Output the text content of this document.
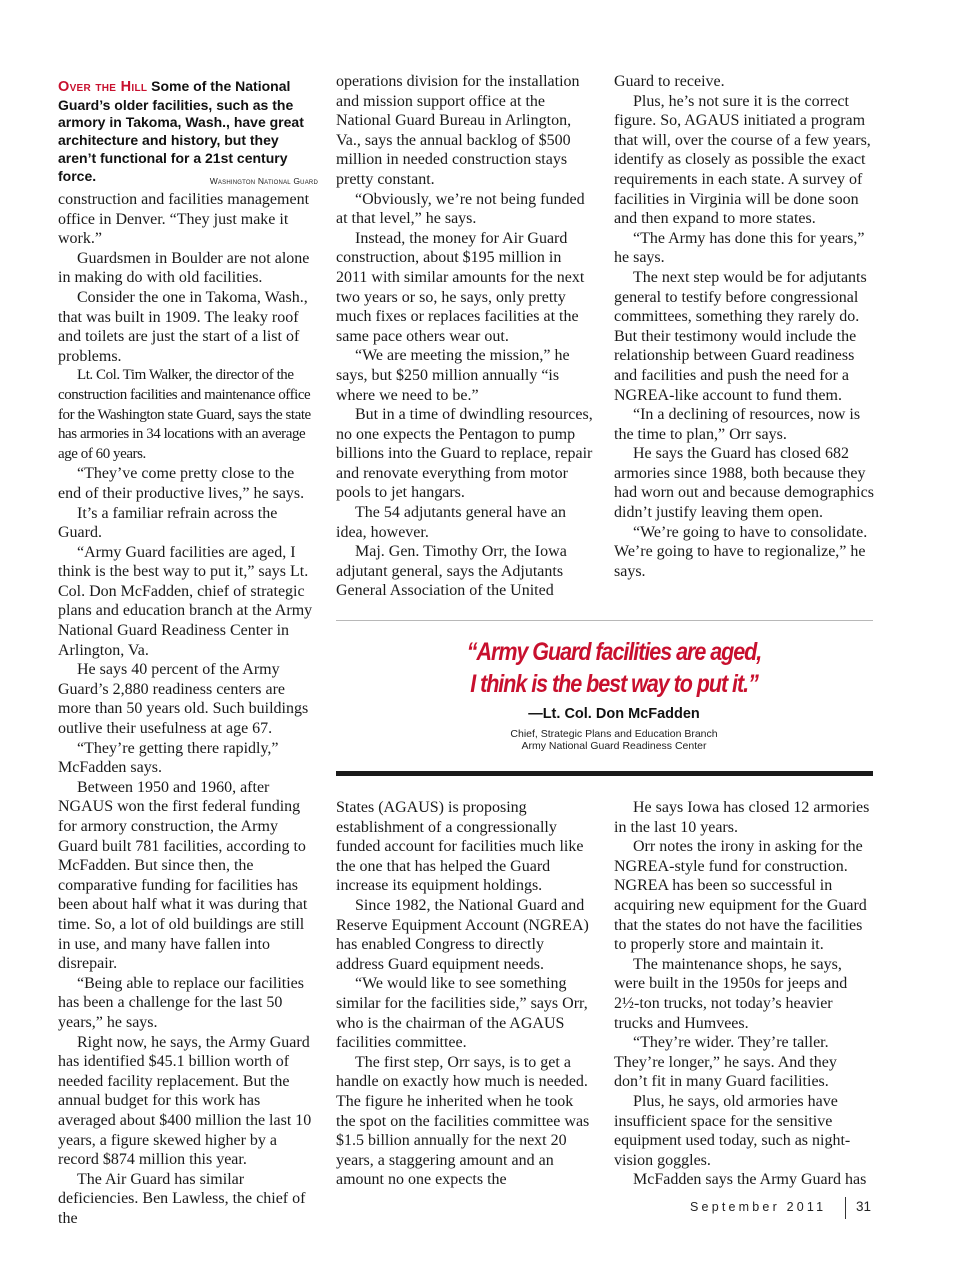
Over the Hill Some of the National Guard’s older facilities, such as the armory in Takoma, Wash., have great architecture and history, but they aren’t functional for a 21st century force.	Washington National Guard

construction and facilities management office in Denver. “They just make it work.”

Guardsmen in Boulder are not alone in making do with old facilities.

Consider the one in Takoma, Wash., that was built in 1909. The leaky roof and toilets are just the start of a list of problems.

Lt. Col. Tim Walker, the director of the construction facilities and maintenance office for the Washington state Guard, says the state has armories in 34 locations with an average age of 60 years.

“They’ve come pretty close to the end of their productive lives,” he says.

It’s a familiar refrain across the Guard.

“Army Guard facilities are aged, I think is the best way to put it,” says Lt. Col. Don McFadden, chief of strategic plans and education branch at the Army National Guard Readiness Center in Arlington, Va.

He says 40 percent of the Army Guard’s 2,880 readiness centers are more than 50 years old. Such buildings outlive their usefulness at age 67.

“They’re getting there rapidly,” McFadden says.

Between 1950 and 1960, after NGAUS won the first federal funding for armory construction, the Army Guard built 781 facilities, according to McFadden. But since then, the comparative funding for facilities has been about half what it was during that time. So, a lot of old buildings are still in use, and many have fallen into disrepair.

“Being able to replace our facilities has been a challenge for the last 50 years,” he says.

Right now, he says, the Army Guard has identified $45.1 billion worth of needed facility replacement. But the annual budget for this work has averaged about $400 million the last 10 years, a figure skewed higher by a record $874 million this year.

The Air Guard has similar deficiencies. Ben Lawless, the chief of the

operations division for the installation and mission support office at the National Guard Bureau in Arlington, Va., says the annual backlog of $500 million in needed construction stays pretty constant.

“Obviously, we’re not being funded at that level,” he says.

Instead, the money for Air Guard construction, about $195 million in 2011 with similar amounts for the next two years or so, he says, only pretty much fixes or replaces facilities at the same pace others wear out.

“We are meeting the mission,” he says, but $250 million annually “is where we need to be.”

But in a time of dwindling resources, no one expects the Pentagon to pump billions into the Guard to replace, repair and renovate everything from motor pools to jet hangars.

The 54 adjutants general have an idea, however.

Maj. Gen. Timothy Orr, the Iowa adjutant general, says the Adjutants General Association of the United

Guard to receive.

Plus, he’s not sure it is the correct figure. So, AGAUS initiated a program that will, over the course of a few years, identify as closely as possible the exact requirements in each state. A survey of facilities in Virginia will be done soon and then expand to more states.

“The Army has done this for years,” he says.

The next step would be for adjutants general to testify before congressional committees, something they rarely do. But their testimony would include the relationship between Guard readiness and facilities and push the need for a NGREA-like account to fund them.

“In a declining of resources, now is the time to plan,” Orr says.

He says the Guard has closed 682 armories since 1988, both because they had worn out and because demographics didn’t justify leaving them open.

“We’re going to have to consolidate. We’re going to have to regionalize,” he says.

“Army Guard facilities are aged,
I think is the best way to put it.”
—Lt. Col. Don McFadden
Chief, Strategic Plans and Education Branch
Army National Guard Readiness Center

States (AGAUS) is proposing establishment of a congressionally funded account for facilities much like the one that has helped the Guard increase its equipment holdings.

Since 1982, the National Guard and Reserve Equipment Account (NGREA) has enabled Congress to directly address Guard equipment needs.

“We would like to see something similar for the facilities side,” says Orr, who is the chairman of the AGAUS facilities committee.

The first step, Orr says, is to get a handle on exactly how much is needed. The figure he inherited when he took the spot on the facilities committee was $1.5 billion annually for the next 20 years, a staggering amount and an amount no one expects the

He says Iowa has closed 12 armories in the last 10 years.

Orr notes the irony in asking for the NGREA-style fund for construction. NGREA has been so successful in acquiring new equipment for the Guard that the states do not have the facilities to properly store and maintain it.

The maintenance shops, he says, were built in the 1950s for jeeps and 2½-ton trucks, not today’s heavier trucks and Humvees.

“They’re wider. They’re taller. They’re longer,” he says. And they don’t fit in many Guard facilities.

Plus, he says, old armories have insufficient space for the sensitive equipment used today, such as night-vision goggles.

McFadden says the Army Guard has

September 2011 31
